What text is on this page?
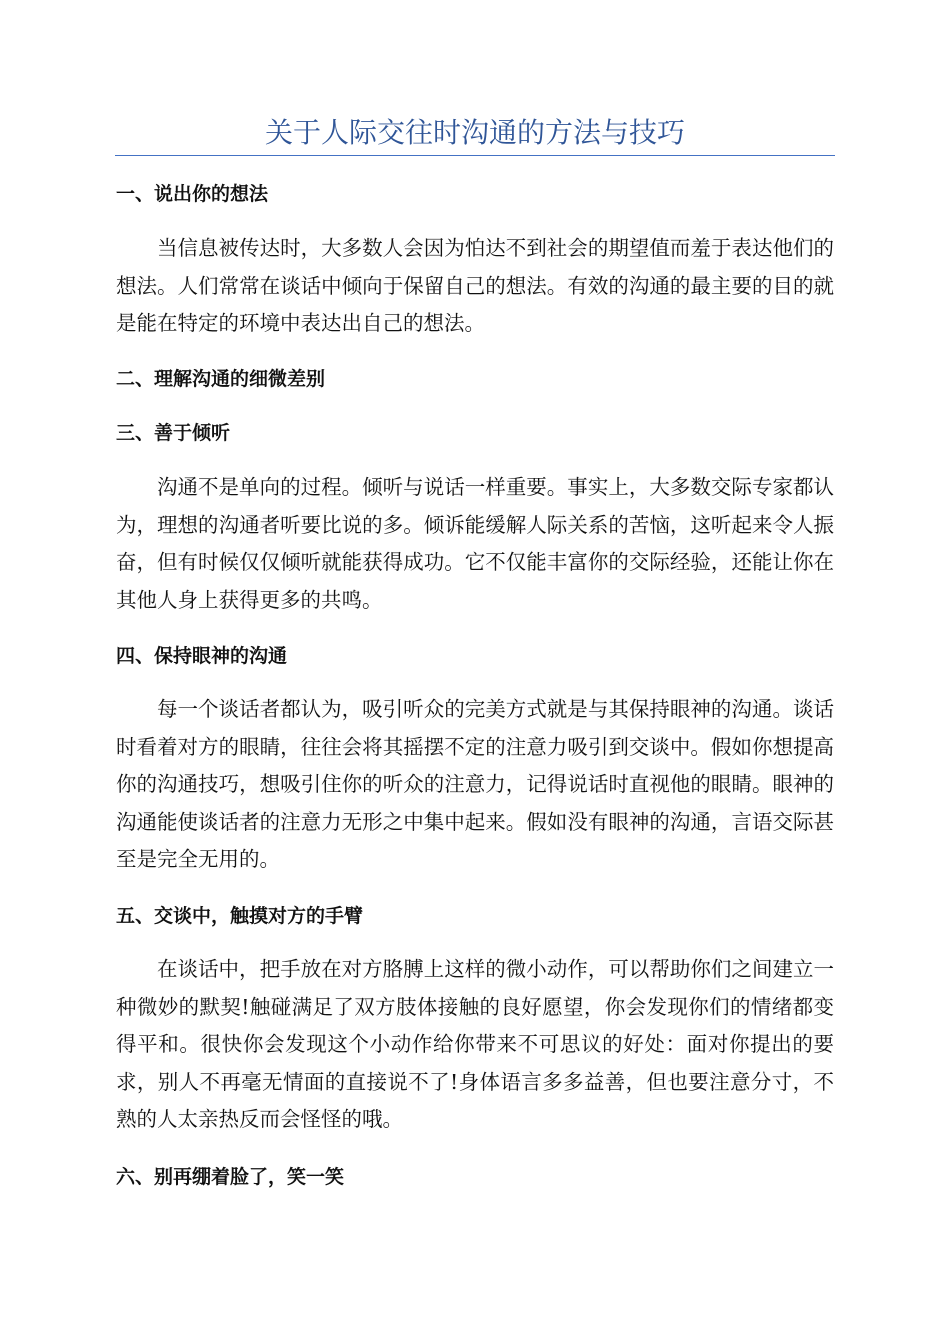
关于人际交往时沟通的方法与技巧
一、说出你的想法

当信息被传达时，大多数人会因为怕达不到社会的期望值而羞于表达他们的想法。人们常常在谈话中倾向于保留自己的想法。有效的沟通的最主要的目的就是能在特定的环境中表达出自己的想法。

二、理解沟通的细微差别
三、善于倾听

沟通不是单向的过程。倾听与说话一样重要。事实上，大多数交际专家都认为，理想的沟通者听要比说的多。倾诉能缓解人际关系的苦恼，这听起来令人振奋，但有时候仅仅倾听就能获得成功。它不仅能丰富你的交际经验，还能让你在其他人身上获得更多的共鸣。

四、保持眼神的沟通

每一个谈话者都认为，吸引听众的完美方式就是与其保持眼神的沟通。谈话时看着对方的眼睛，往往会将其摇摆不定的注意力吸引到交谈中。假如你想提高你的沟通技巧，想吸引住你的听众的注意力，记得说话时直视他的眼睛。眼神的沟通能使谈话者的注意力无形之中集中起来。假如没有眼神的沟通，言语交际甚至是完全无用的。

五、交谈中，触摸对方的手臂

在谈话中，把手放在对方胳膊上这样的微小动作，可以帮助你们之间建立一种微妙的默契!触碰满足了双方肢体接触的良好愿望，你会发现你们的情绪都变得平和。很快你会发现这个小动作给你带来不可思议的好处：面对你提出的要求，别人不再毫无情面的直接说不了!身体语言多多益善，但也要注意分寸，不熟的人太亲热反而会怪怪的哦。

六、别再绷着脸了，笑一笑
